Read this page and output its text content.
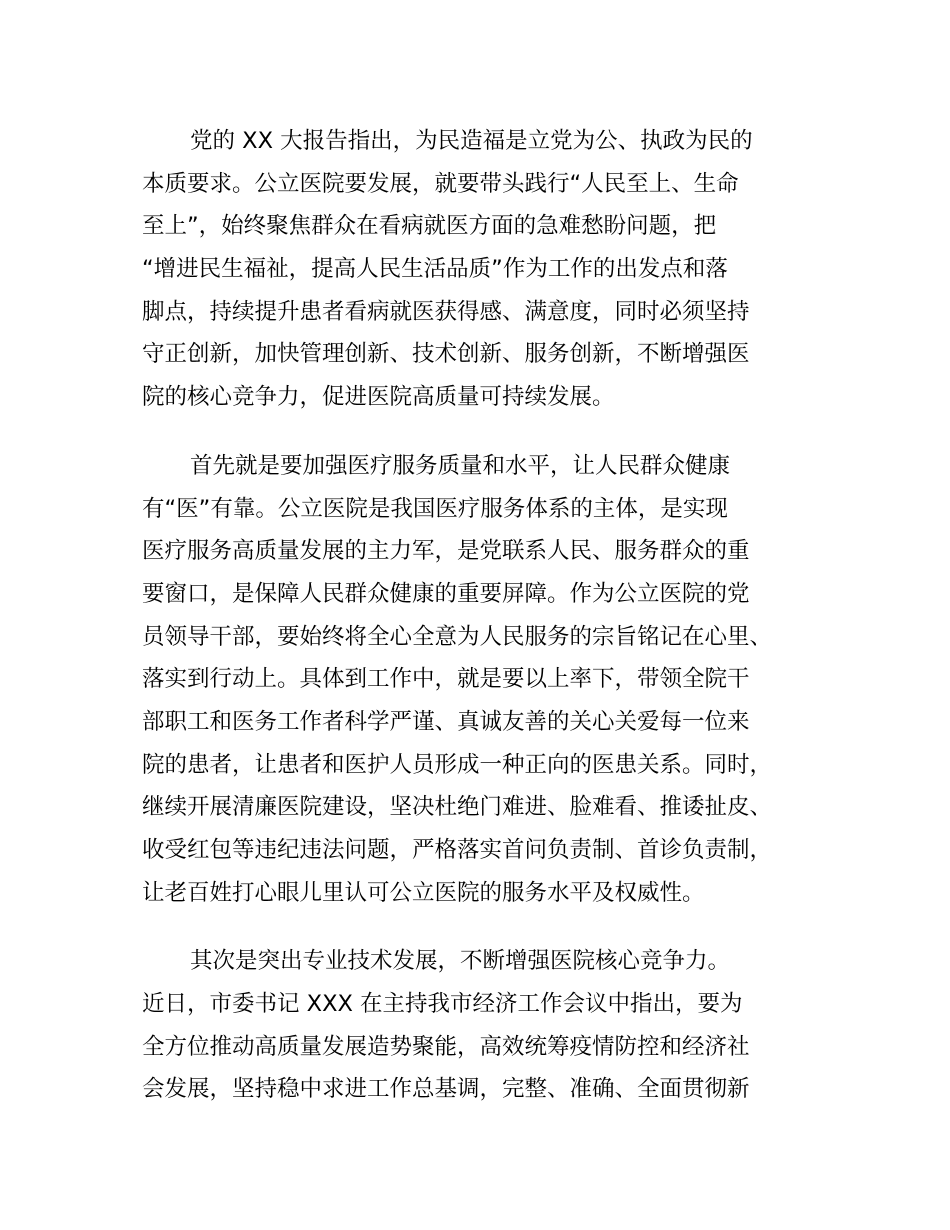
党的 XX 大报告指出，为民造福是立党为公、执政为民的
本质要求。公立医院要发展，就要带头践行“人民至上、生命
至上”，始终聚焦群众在看病就医方面的急难愁盼问题，把
“增进民生福祉，提高人民生活品质”作为工作的出发点和落
脚点，持续提升患者看病就医获得感、满意度，同时必须坚持
守正创新，加快管理创新、技术创新、服务创新，不断增强医
院的核心竞争力，促进医院高质量可持续发展。
首先就是要加强医疗服务质量和水平，让人民群众健康
有“医”有靠。公立医院是我国医疗服务体系的主体，是实现
医疗服务高质量发展的主力军，是党联系人民、服务群众的重
要窗口，是保障人民群众健康的重要屏障。作为公立医院的党
员领导干部，要始终将全心全意为人民服务的宗旨铭记在心里、
落实到行动上。具体到工作中，就是要以上率下，带领全院干
部职工和医务工作者科学严谨、真诚友善的关心关爱每一位来
院的患者，让患者和医护人员形成一种正向的医患关系。同时，
继续开展清廉医院建设，坚决杜绝门难进、脸难看、推诿扯皮、
收受红包等违纪违法问题，严格落实首问负责制、首诊负责制，
让老百姓打心眼儿里认可公立医院的服务水平及权威性。
其次是突出专业技术发展，不断增强医院核心竞争力。
近日，市委书记 XXX 在主持我市经济工作会议中指出，要为
全方位推动高质量发展造势聚能，高效统筹疫情防控和经济社
会发展，坚持稳中求进工作总基调，完整、准确、全面贯彻新
